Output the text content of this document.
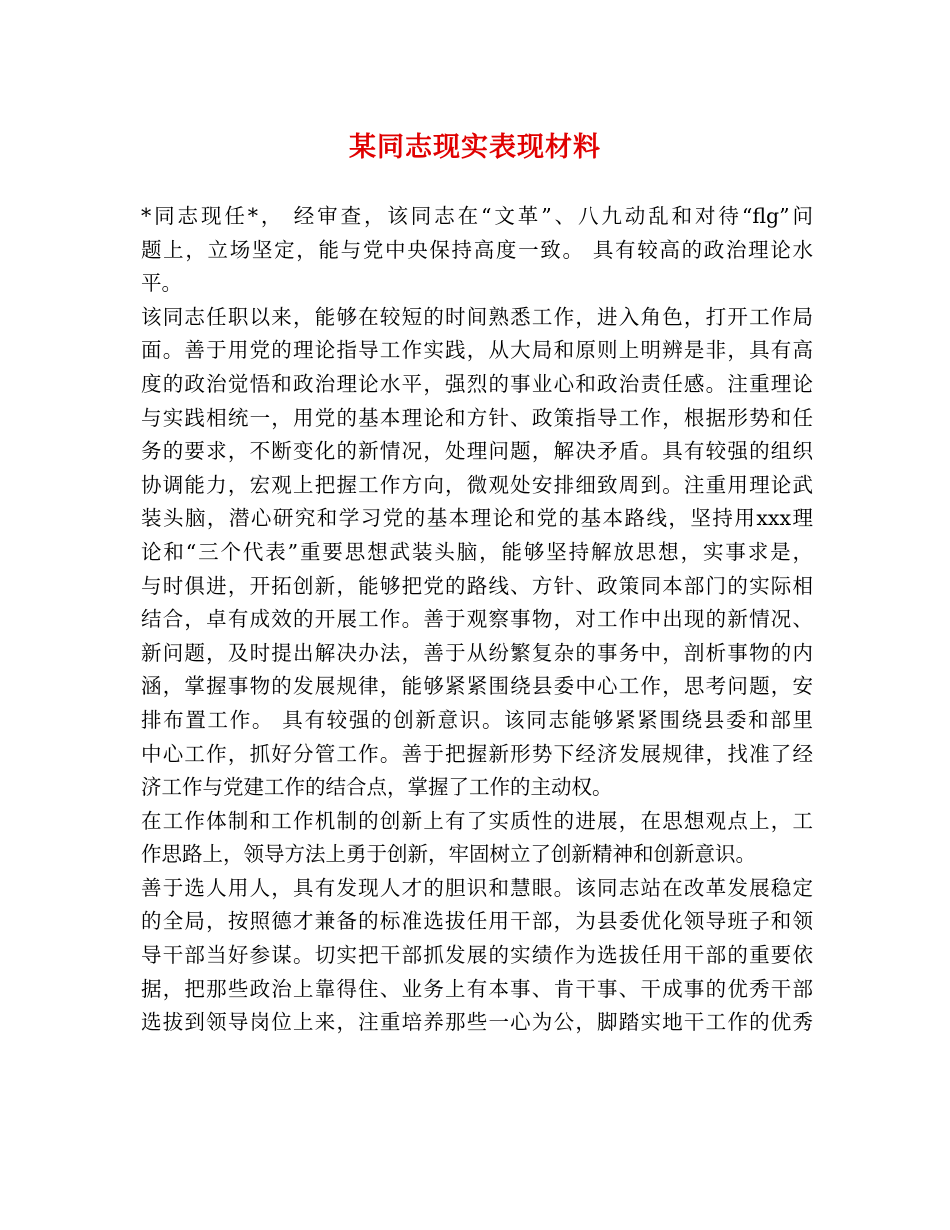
某同志现实表现材料
*同志现任*， 经审查，该同志在“文革”、八九动乱和对待“flg”问
题上，立场坚定，能与党中央保持高度一致。 具有较高的政治理论水
平。
该同志任职以来，能够在较短的时间熟悉工作，进入角色，打开工作局
面。善于用党的理论指导工作实践，从大局和原则上明辨是非，具有高
度的政治觉悟和政治理论水平，强烈的事业心和政治责任感。注重理论
与实践相统一，用党的基本理论和方针、政策指导工作，根据形势和任
务的要求，不断变化的新情况，处理问题，解决矛盾。具有较强的组织
协调能力，宏观上把握工作方向，微观处安排细致周到。注重用理论武
装头脑，潜心研究和学习党的基本理论和党的基本路线，坚持用xxx理
论和“三个代表”重要思想武装头脑，能够坚持解放思想，实事求是，
与时俱进，开拓创新，能够把党的路线、方针、政策同本部门的实际相
结合，卓有成效的开展工作。善于观察事物，对工作中出现的新情况、
新问题，及时提出解决办法，善于从纷繁复杂的事务中，剖析事物的内
涵，掌握事物的发展规律，能够紧紧围绕县委中心工作，思考问题，安
排布置工作。 具有较强的创新意识。该同志能够紧紧围绕县委和部里
中心工作，抓好分管工作。善于把握新形势下经济发展规律，找准了经
济工作与党建工作的结合点，掌握了工作的主动权。
在工作体制和工作机制的创新上有了实质性的进展，在思想观点上，工
作思路上，领导方法上勇于创新，牢固树立了创新精神和创新意识。
善于选人用人，具有发现人才的胆识和慧眼。该同志站在改革发展稳定
的全局，按照德才兼备的标准选拔任用干部，为县委优化领导班子和领
导干部当好参谋。切实把干部抓发展的实绩作为选拔任用干部的重要依
据，把那些政治上靠得住、业务上有本事、肯干事、干成事的优秀干部
选拔到领导岗位上来，注重培养那些一心为公，脚踏实地干工作的优秀
